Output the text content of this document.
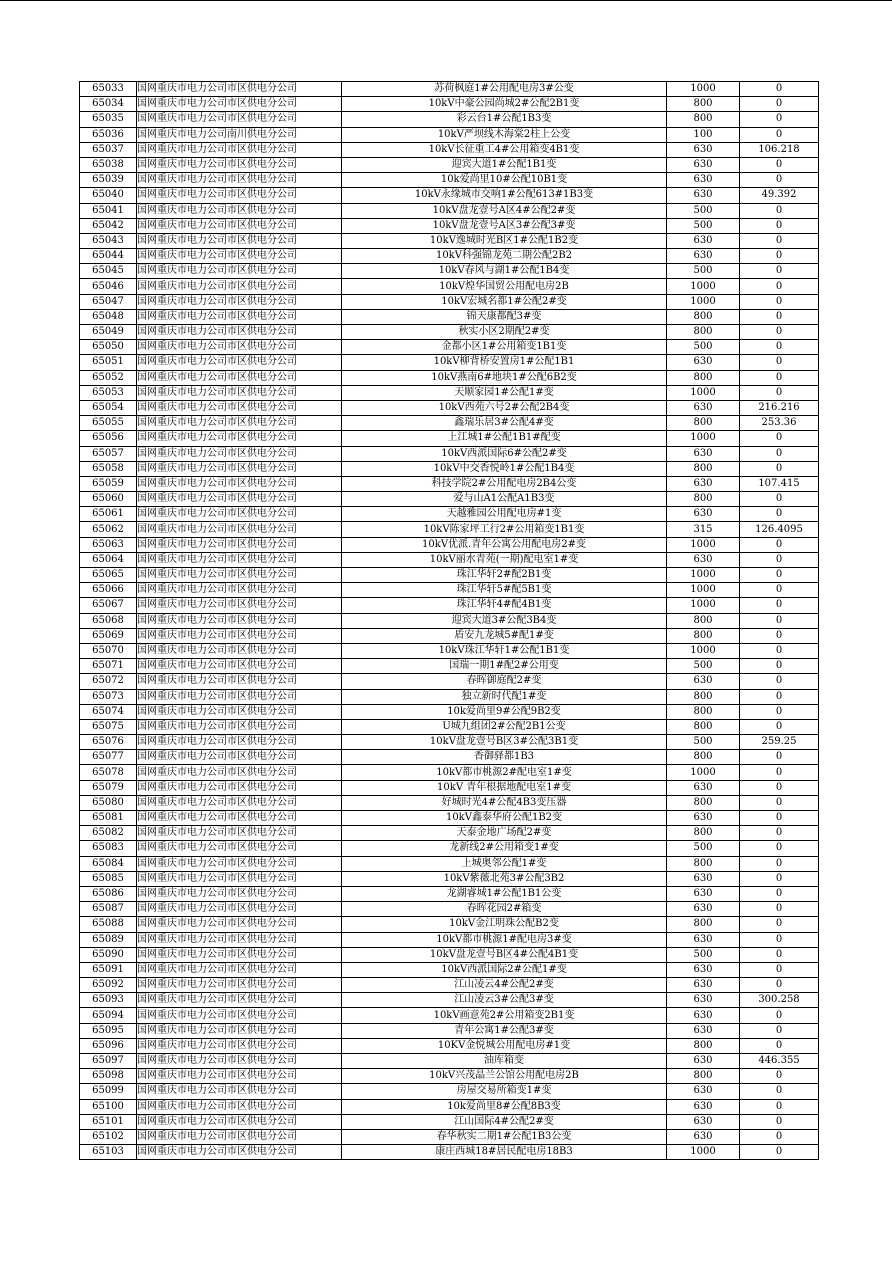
65033	国网重庆市电力公司市区供电分公司	苏荷枫庭1#公用配电房3#公变	1000	0
65034	国网重庆市电力公司市区供电分公司	10kV中豪公园尚城2#公配2B1变	800	0
65035	国网重庆市电力公司市区供电分公司	彩云台1#公配1B3变	800	0
65036	国网重庆市电力公司南川供电分公司	10kV严坝线木海棠2柱上公变	100	0
65037	国网重庆市电力公司市区供电分公司	10kV长征重工4#公用箱变4B1变	630	106.218
65038	国网重庆市电力公司市区供电分公司	迎宾大道1#公配1B1变	630	0
65039	国网重庆市电力公司市区供电分公司	10k爱尚里10#公配10B1变	630	0
65040	国网重庆市电力公司市区供电分公司	10kV永缘城市交响1#公配613#1B3变	630	49.392
65041	国网重庆市电力公司市区供电分公司	10kV盘龙壹号A区4#公配2#变	500	0
65042	国网重庆市电力公司市区供电分公司	10kV盘龙壹号A区3#公配3#变	500	0
65043	国网重庆市电力公司市区供电分公司	10kV逸城时光B区1#公配1B2变	630	0
65044	国网重庆市电力公司市区供电分公司	10kV科强锦龙苑二期公配2B2	630	0
65045	国网重庆市电力公司市区供电分公司	10kV春风与湖1#公配1B4变	500	0
65046	国网重庆市电力公司市区供电分公司	10kV煌华国贸公用配电房2B	1000	0
65047	国网重庆市电力公司市区供电分公司	10kV宏城名都1#公配2#变	1000	0
65048	国网重庆市电力公司市区供电分公司	锦天康都配3#变	800	0
65049	国网重庆市电力公司市区供电分公司	秋实小区2期配2#变	800	0
65050	国网重庆市电力公司市区供电分公司	金都小区1#公用箱变1B1变	500	0
65051	国网重庆市电力公司市区供电分公司	10kV柳背桥安置房1#公配1B1	630	0
65052	国网重庆市电力公司市区供电分公司	10kV燕南6#地块1#公配6B2变	800	0
65053	国网重庆市电力公司市区供电分公司	天顺家园1#公配1#变	1000	0
65054	国网重庆市电力公司市区供电分公司	10kV西苑六号2#公配2B4变	630	216.216
65055	国网重庆市电力公司市区供电分公司	鑫瑞乐居3#公配4#变	800	253.36
65056	国网重庆市电力公司市区供电分公司	上江城1#公配1B1#配变	1000	0
65057	国网重庆市电力公司市区供电分公司	10kV西派国际6#公配2#变	630	0
65058	国网重庆市电力公司市区供电分公司	10kV中交香悦岭1#公配1B4变	800	0
65059	国网重庆市电力公司市区供电分公司	科技学院2#公用配电房2B4公变	630	107.415
65060	国网重庆市电力公司市区供电分公司	爱与山A1公配A1B3变	800	0
65061	国网重庆市电力公司市区供电分公司	天越雅园公用配电房#1变	630	0
65062	国网重庆市电力公司市区供电分公司	10kV陈家坪工行2#公用箱变1B1变	315	126.4095
65063	国网重庆市电力公司市区供电分公司	10kV优派.青年公寓公用配电房2#变	1000	0
65064	国网重庆市电力公司市区供电分公司	10kV丽水青苑(一期)配电室1#变	630	0
65065	国网重庆市电力公司市区供电分公司	珠江华轩2#配2B1变	1000	0
65066	国网重庆市电力公司市区供电分公司	珠江华轩5#配5B1变	1000	0
65067	国网重庆市电力公司市区供电分公司	珠江华轩4#配4B1变	1000	0
65068	国网重庆市电力公司市区供电分公司	迎宾大道3#公配3B4变	800	0
65069	国网重庆市电力公司市区供电分公司	盾安九龙城5#配1#变	800	0
65070	国网重庆市电力公司市区供电分公司	10kV珠江华轩1#公配1B1变	1000	0
65071	国网重庆市电力公司市区供电分公司	国瑞一期1#配2#公用变	500	0
65072	国网重庆市电力公司市区供电分公司	春晖御庭配2#变	630	0
65073	国网重庆市电力公司市区供电分公司	独立新时代配1#变	800	0
65074	国网重庆市电力公司市区供电分公司	10k爱尚里9#公配9B2变	800	0
65075	国网重庆市电力公司市区供电分公司	U城九组团2#公配2B1公变	800	0
65076	国网重庆市电力公司市区供电分公司	10kV盘龙壹号B区3#公配3B1变	500	259.25
65077	国网重庆市电力公司市区供电分公司	香御驿都1B3	800	0
65078	国网重庆市电力公司市区供电分公司	10kV都市桃源2#配电室1#变	1000	0
65079	国网重庆市电力公司市区供电分公司	10kV 青年根据地配电室1#变	630	0
65080	国网重庆市电力公司市区供电分公司	好城时光4#公配4B3变压器	800	0
65081	国网重庆市电力公司市区供电分公司	10kV鑫泰华府公配1B2变	630	0
65082	国网重庆市电力公司市区供电分公司	天泰金地广场配2#变	800	0
65083	国网重庆市电力公司市区供电分公司	龙新线2#公用箱变1#变	500	0
65084	国网重庆市电力公司市区供电分公司	上城奥邻公配1#变	800	0
65085	国网重庆市电力公司市区供电分公司	10kV紫薇北苑3#公配3B2	630	0
65086	国网重庆市电力公司市区供电分公司	龙湖睿城1#公配1B1公变	630	0
65087	国网重庆市电力公司市区供电分公司	春晖花园2#箱变	630	0
65088	国网重庆市电力公司市区供电分公司	10kV金江明珠公配B2变	800	0
65089	国网重庆市电力公司市区供电分公司	10kV都市桃源1#配电房3#变	630	0
65090	国网重庆市电力公司市区供电分公司	10kV盘龙壹号B区4#公配4B1变	500	0
65091	国网重庆市电力公司市区供电分公司	10kV西派国际2#公配1#变	630	0
65092	国网重庆市电力公司市区供电分公司	江山凌云4#公配2#变	630	0
65093	国网重庆市电力公司市区供电分公司	江山凌云3#公配3#变	630	300.258
65094	国网重庆市电力公司市区供电分公司	10kV画意苑2#公用箱变2B1变	630	0
65095	国网重庆市电力公司市区供电分公司	青年公寓1#公配3#变	630	0
65096	国网重庆市电力公司市区供电分公司	10KV金悦城公用配电房#1变	800	0
65097	国网重庆市电力公司市区供电分公司	油库箱变	630	446.355
65098	国网重庆市电力公司市区供电分公司	10kV兴茂晶兰公馆公用配电房2B	800	0
65099	国网重庆市电力公司市区供电分公司	房屋交易所箱变1#变	630	0
65100	国网重庆市电力公司市区供电分公司	10k爱尚里8#公配8B3变	630	0
65101	国网重庆市电力公司市区供电分公司	江山国际4#公配2#变	630	0
65102	国网重庆市电力公司市区供电分公司	春华秋实二期1#公配1B3公变	630	0
65103	国网重庆市电力公司市区供电分公司	康庄西城18#居民配电房18B3	1000	0
